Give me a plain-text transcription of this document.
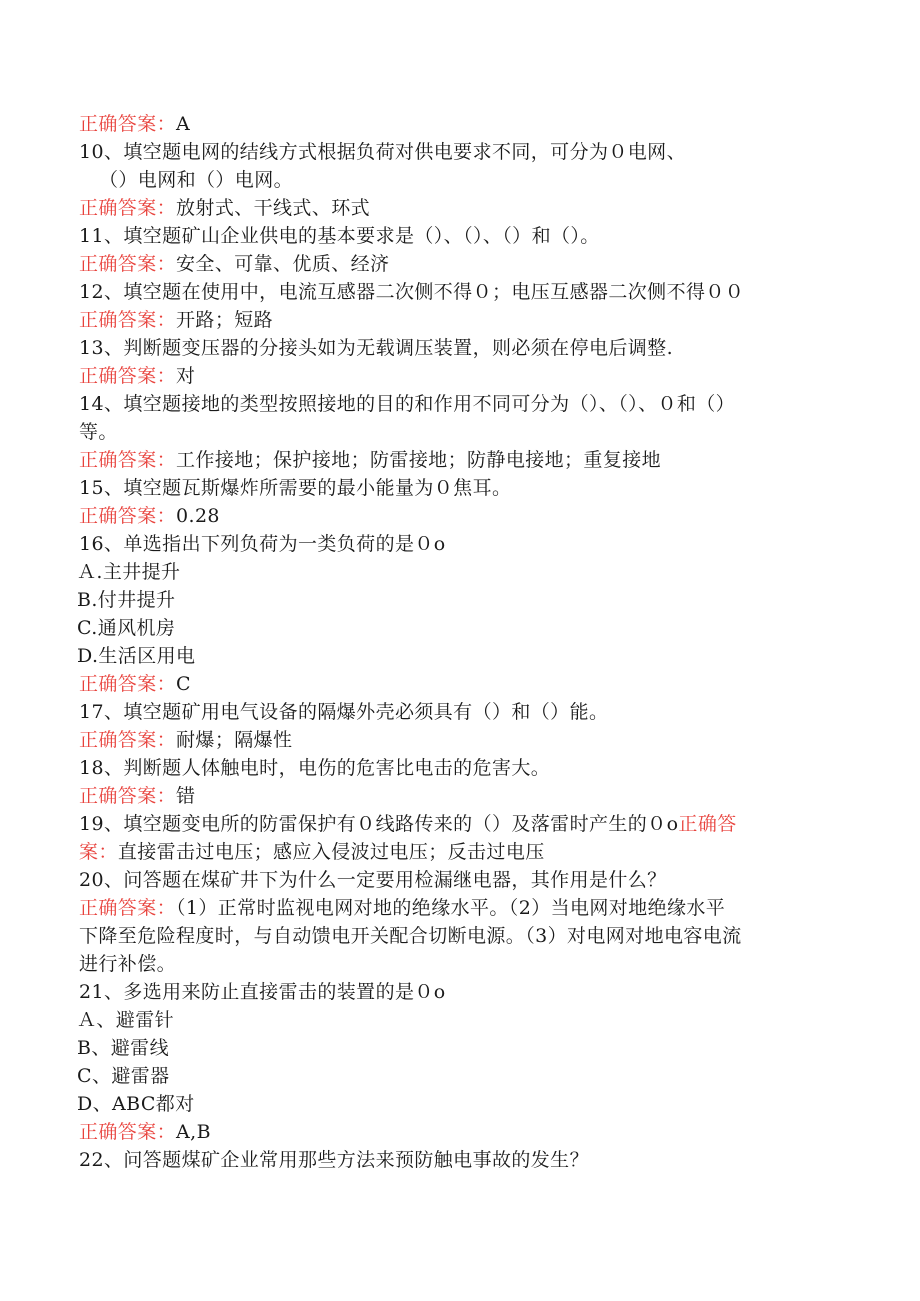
正确答案：A
10、填空题电网的结线方式根据负荷对供电要求不同，可分为０电网、
（）电网和（）电网。
正确答案：放射式、干线式、环式
11、填空题矿山企业供电的基本要求是（）、（）、（）和（）。
正确答案：安全、可靠、优质、经济
12、填空题在使用中，电流互感器二次侧不得０；电压互感器二次侧不得００
正确答案：开路；短路
13、判断题变压器的分接头如为无载调压装置，则必须在停电后调整.
正确答案：对
14、填空题接地的类型按照接地的目的和作用不同可分为（）、（）、０和（）
等。
正确答案：工作接地；保护接地；防雷接地；防静电接地；重复接地
15、填空题瓦斯爆炸所需要的最小能量为０焦耳。
正确答案：0.28
16、单选指出下列负荷为一类负荷的是０o
Ａ.主井提升
B.付井提升
C.通风机房
D.生活区用电
正确答案：C
17、填空题矿用电气设备的隔爆外壳必须具有（）和（）能。
正确答案：耐爆；隔爆性
18、判断题人体触电时，电伤的危害比电击的危害大。
正确答案：错
19、填空题变电所的防雷保护有０线路传来的（）及落雷时产生的０o正确答
案：直接雷击过电压；感应入侵波过电压；反击过电压
20、问答题在煤矿井下为什么一定要用检漏继电器，其作用是什么？
正确答案：（1）正常时监视电网对地的绝缘水平。（2）当电网对地绝缘水平
下降至危险程度时，与自动馈电开关配合切断电源。（3）对电网对地电容电流
进行补偿。
21、多选用来防止直接雷击的装置的是０o
Ａ、避雷针
B、避雷线
C、避雷器
D、ABC都对
正确答案：A,B
22、问答题煤矿企业常用那些方法来预防触电事故的发生？
